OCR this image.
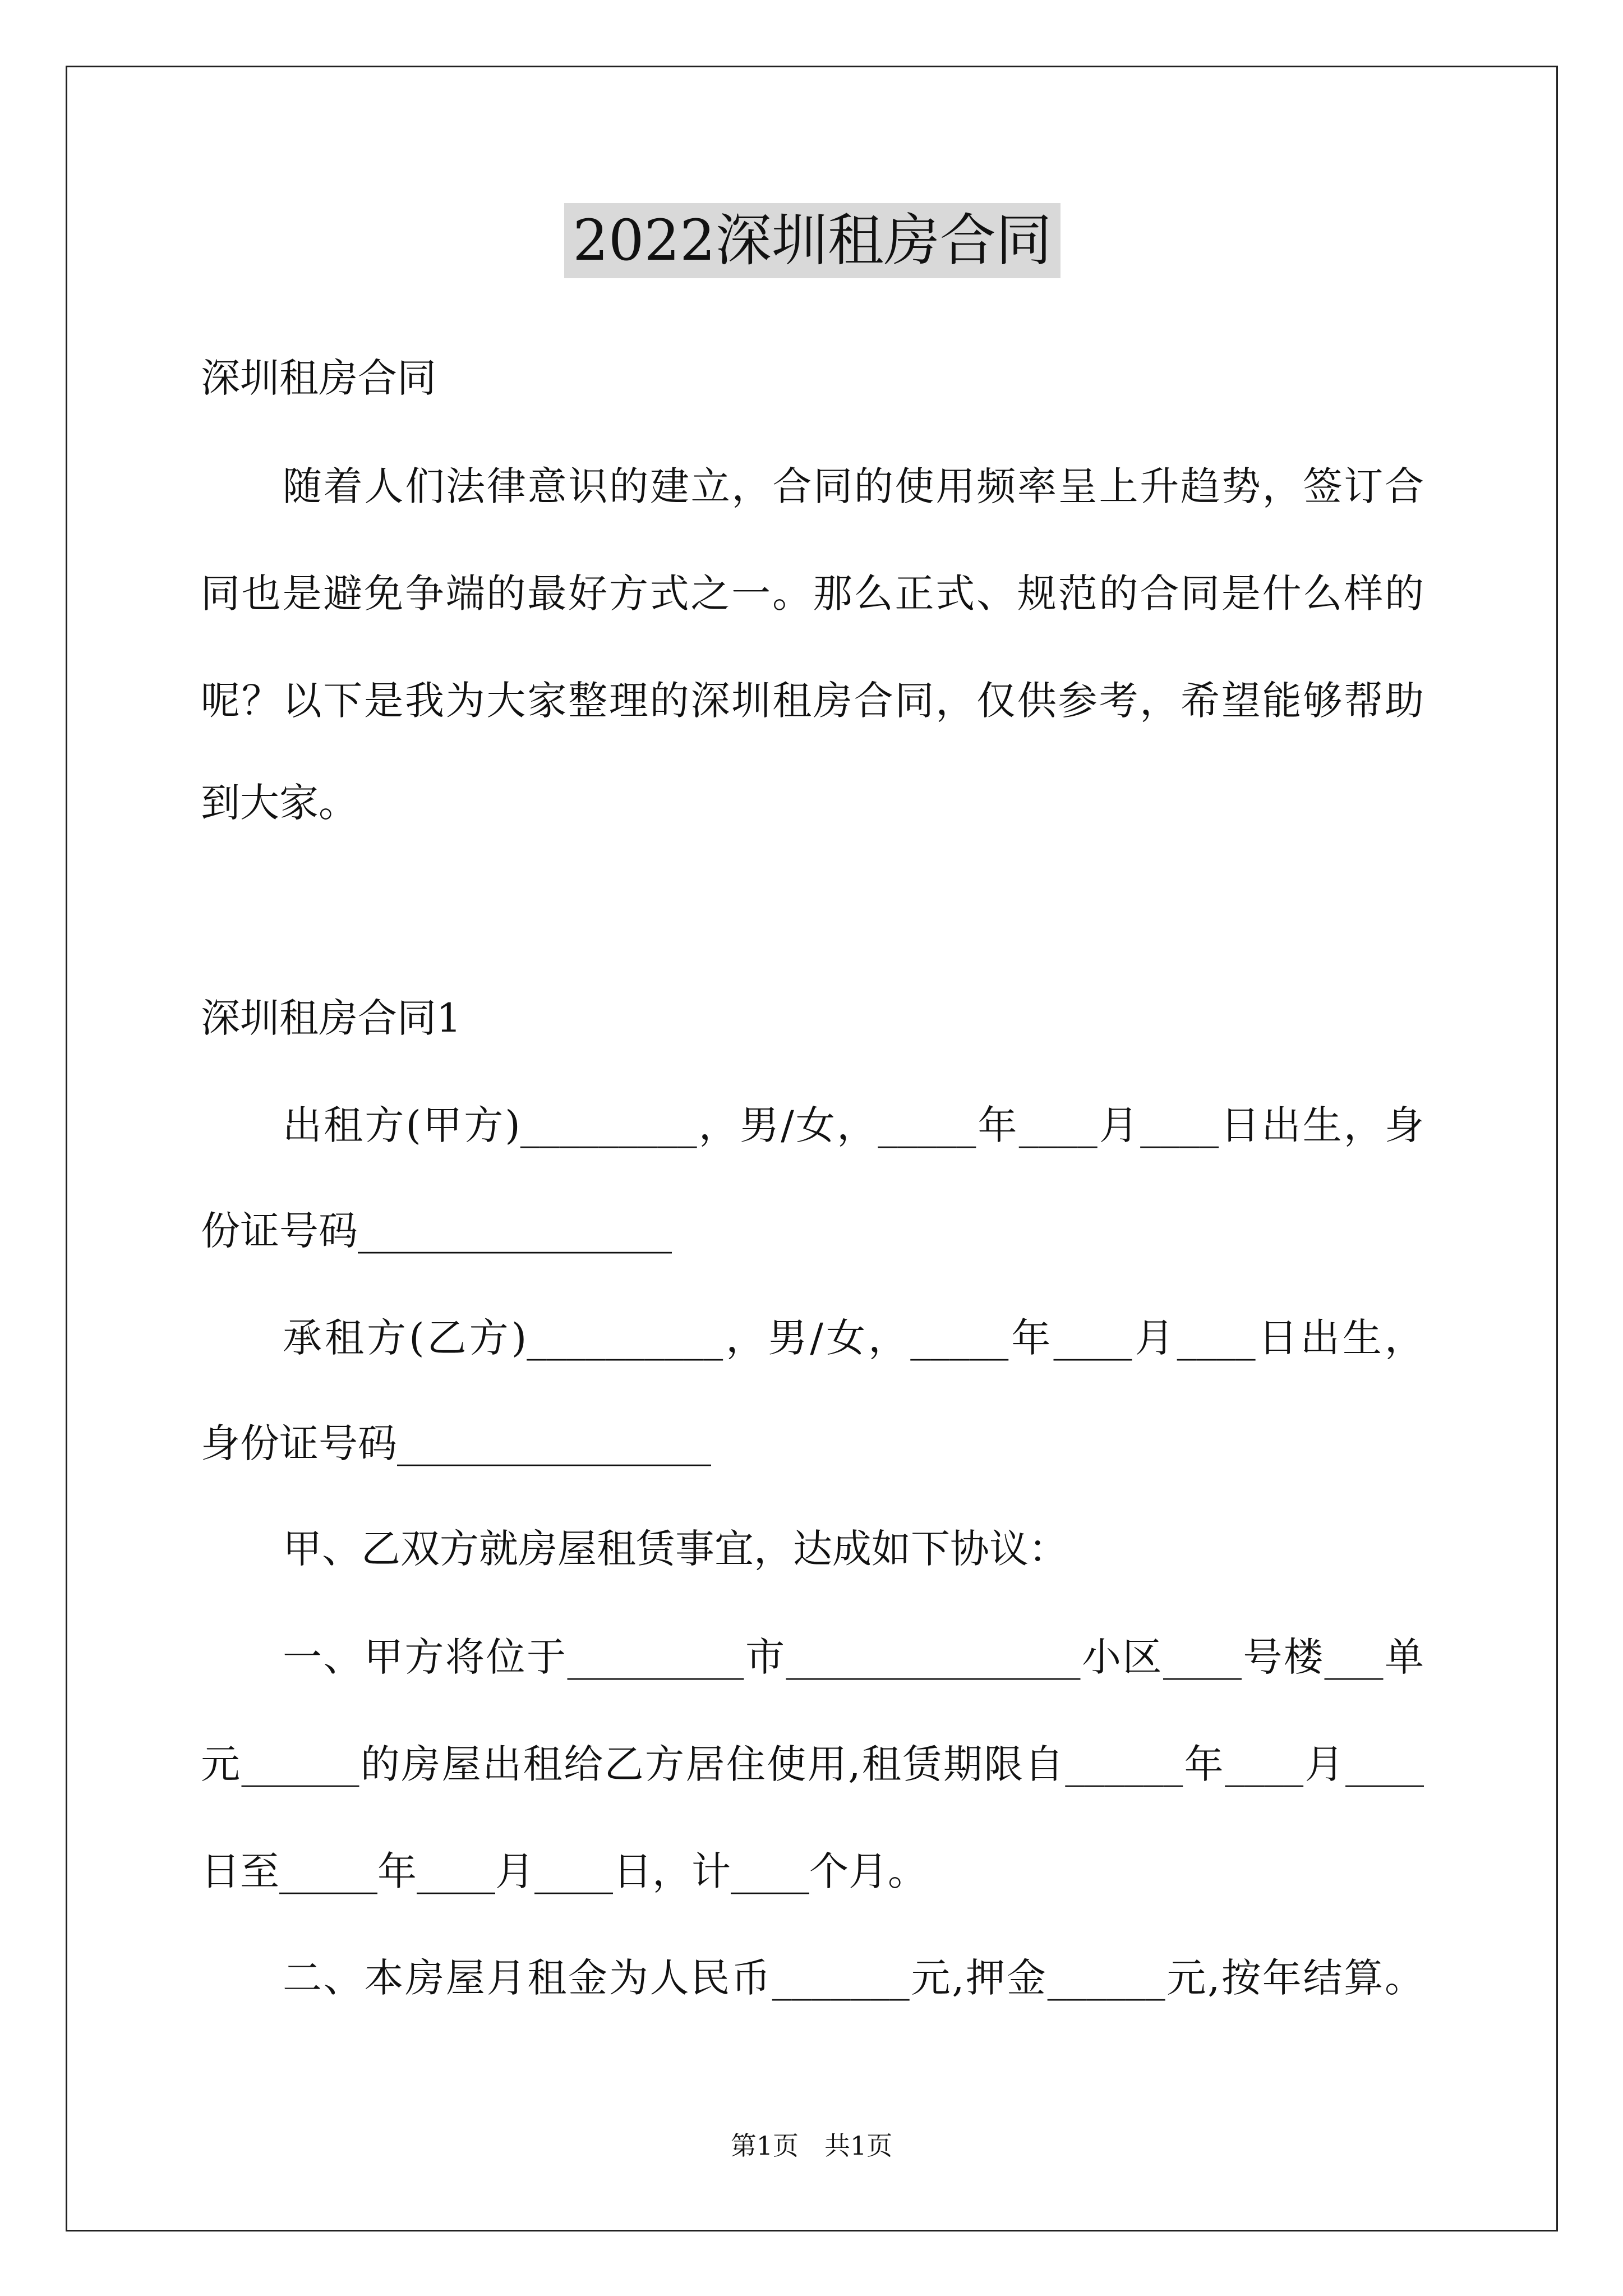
2022深圳租房合同
深圳租房合同
随着人们法律意识的建立，合同的使用频率呈上升趋势，签订合
同也是避免争端的最好方式之一。那么正式、规范的合同是什么样的
呢？以下是我为大家整理的深圳租房合同，仅供参考，希望能够帮助
到大家。
深圳租房合同1
出租方(甲方)_________，男/女，_____年____月____日出生，身
份证号码________________
承租方(乙方)__________，男/女，_____年____月____日出生，
身份证号码________________
甲、乙双方就房屋租赁事宜，达成如下协议：
一、甲方将位于_________市_______________小区____号楼___单
元______的房屋出租给乙方居住使用,租赁期限自______年____月____
日至_____年____月____日，计____个月。
二、本房屋月租金为人民币_______元,押金______元,按年结算。
第1页　共1页
